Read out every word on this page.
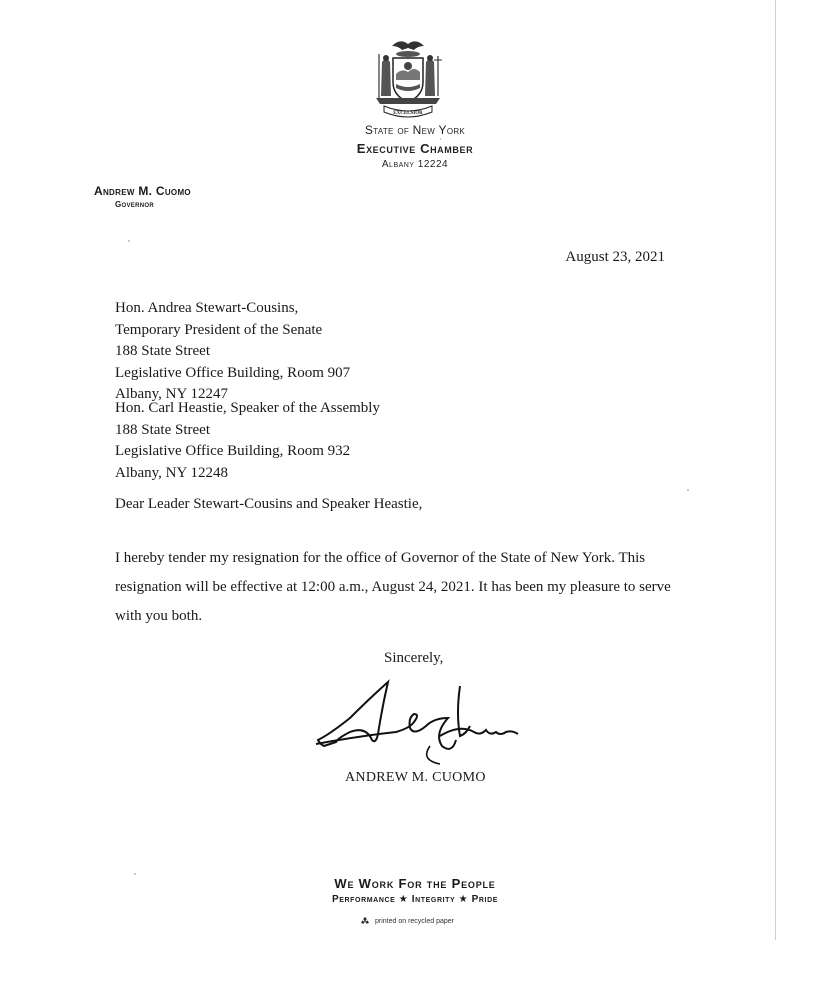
EXCELSIOR
State of New York
Executive Chamber
Albany 12224
Andrew M. Cuomo
Governor
August 23, 2021
Hon. Andrea Stewart-Cousins,
Temporary President of the Senate
188 State Street
Legislative Office Building, Room 907
Albany, NY 12247
Hon. Carl Heastie, Speaker of the Assembly
188 State Street
Legislative Office Building, Room 932
Albany, NY 12248
Dear Leader Stewart-Cousins and Speaker Heastie,
I hereby tender my resignation for the office of Governor of the State of New York. This
resignation will be effective at 12:00 a.m., August 24, 2021. It has been my pleasure to serve
with you both.
Sincerely,
ANDREW M. CUOMO
We Work For the People
Performance ★ Integrity ★ Pride
printed on recycled paper
